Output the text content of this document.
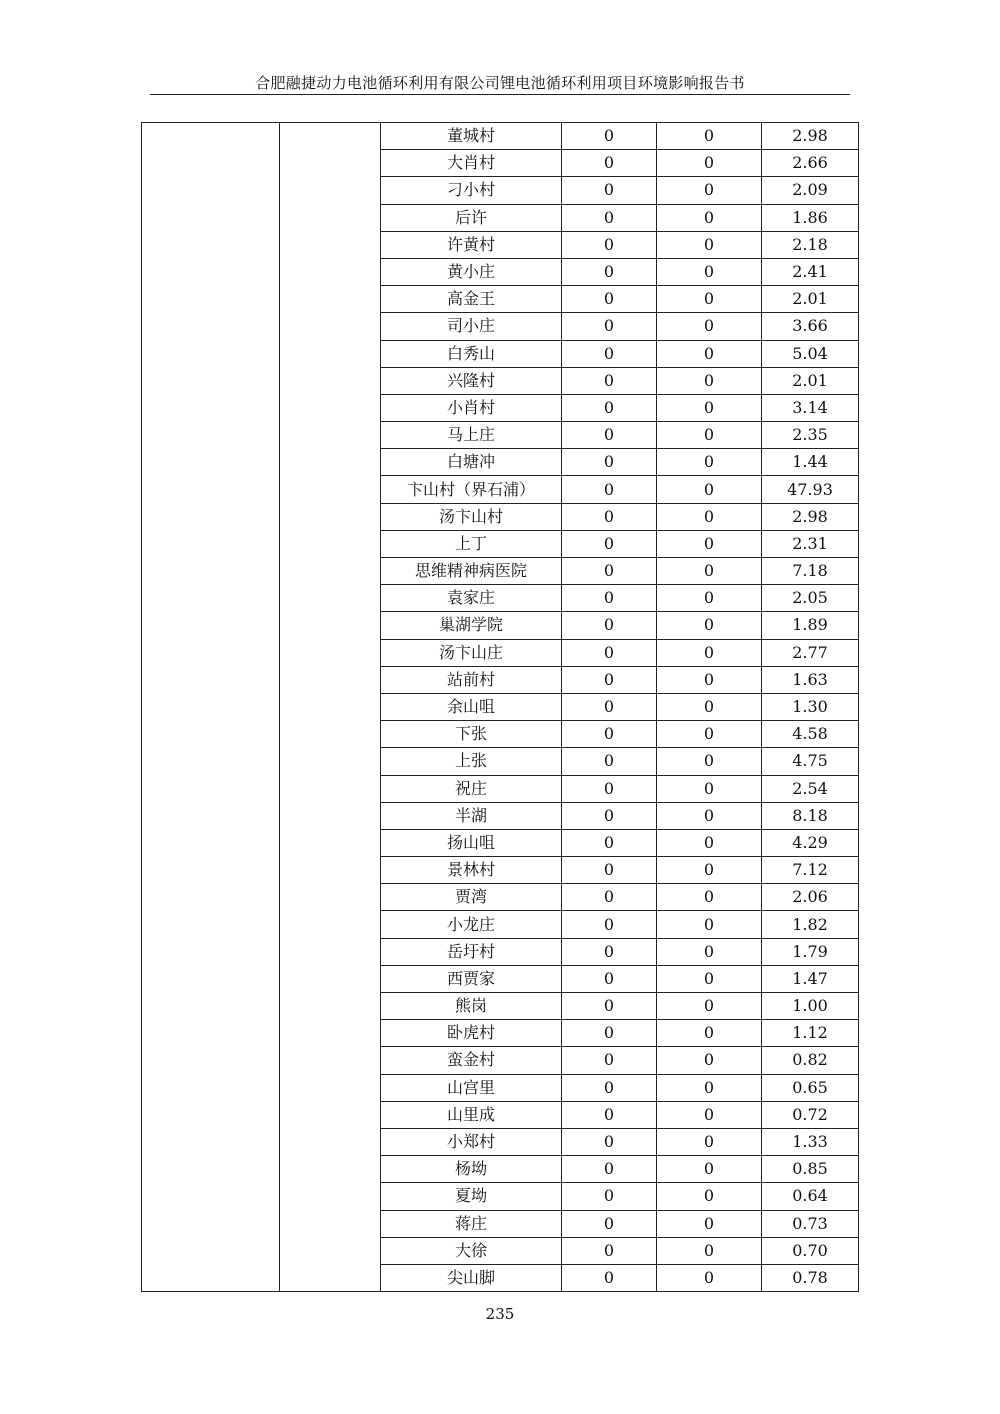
合肥融捷动力电池循环利用有限公司锂电池循环利用项目环境影响报告书
		董城村	0	0	2.98
		大肖村	0	0	2.66
		刁小村	0	0	2.09
		后许	0	0	1.86
		许黄村	0	0	2.18
		黄小庄	0	0	2.41
		高金王	0	0	2.01
		司小庄	0	0	3.66
		白秀山	0	0	5.04
		兴隆村	0	0	2.01
		小肖村	0	0	3.14
		马上庄	0	0	2.35
		白塘冲	0	0	1.44
		卞山村（界石浦）	0	0	47.93
		汤卞山村	0	0	2.98
		上丁	0	0	2.31
		思维精神病医院	0	0	7.18
		袁家庄	0	0	2.05
		巢湖学院	0	0	1.89
		汤卞山庄	0	0	2.77
		站前村	0	0	1.63
		余山咀	0	0	1.30
		下张	0	0	4.58
		上张	0	0	4.75
		祝庄	0	0	2.54
		半湖	0	0	8.18
		扬山咀	0	0	4.29
		景林村	0	0	7.12
		贾湾	0	0	2.06
		小龙庄	0	0	1.82
		岳圩村	0	0	1.79
		西贾家	0	0	1.47
		熊岗	0	0	1.00
		卧虎村	0	0	1.12
		蛮金村	0	0	0.82
		山宫里	0	0	0.65
		山里成	0	0	0.72
		小郑村	0	0	1.33
		杨坳	0	0	0.85
		夏坳	0	0	0.64
		蒋庄	0	0	0.73
		大徐	0	0	0.70
		尖山脚	0	0	0.78
235
